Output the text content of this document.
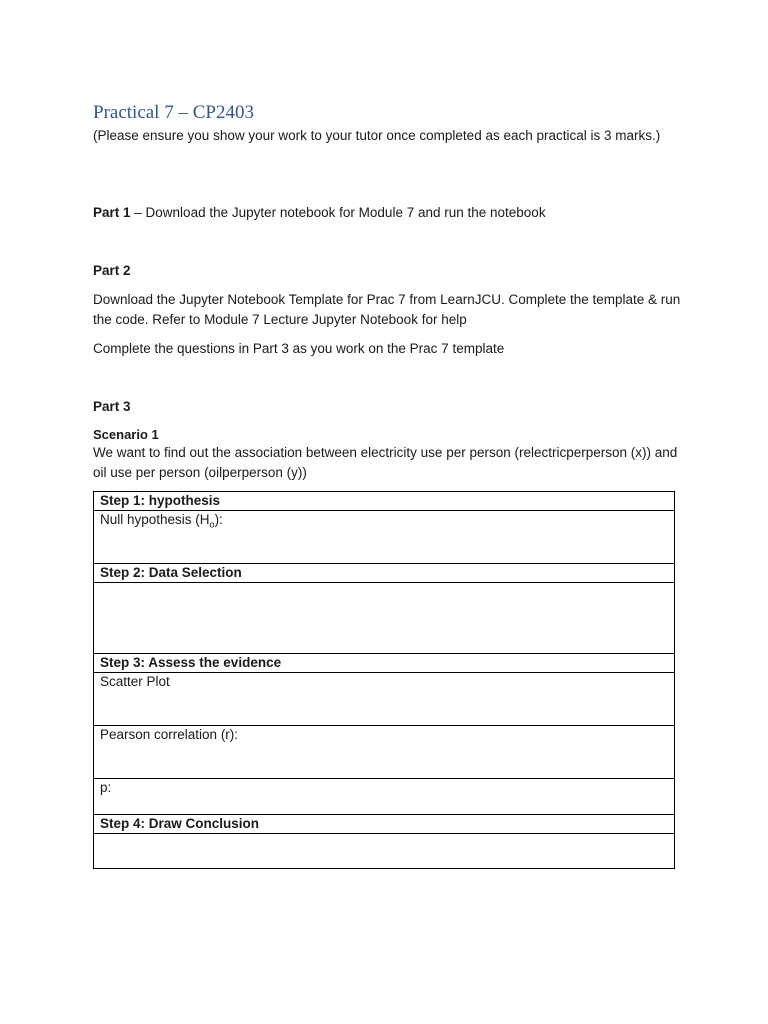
Practical 7 – CP2403
(Please ensure you show your work to your tutor once completed as each practical is 3 marks.)
Part 1 – Download the Jupyter notebook for Module 7 and run the notebook
Part 2
Download the Jupyter Notebook Template for Prac 7 from LearnJCU. Complete the template & run the code. Refer to Module 7 Lecture Jupyter Notebook for help
Complete the questions in Part 3 as you work on the Prac 7 template
Part 3
Scenario 1
We want to find out the association between electricity use per person (relectricperperson (x)) and oil use per person (oilperperson (y))
Step 1: hypothesis
Null hypothesis $(H_o)$:
Step 2: Data Selection

Step 3: Assess the evidence
Scatter Plot
Pearson correlation (r):
p:
Step 4: Draw Conclusion
